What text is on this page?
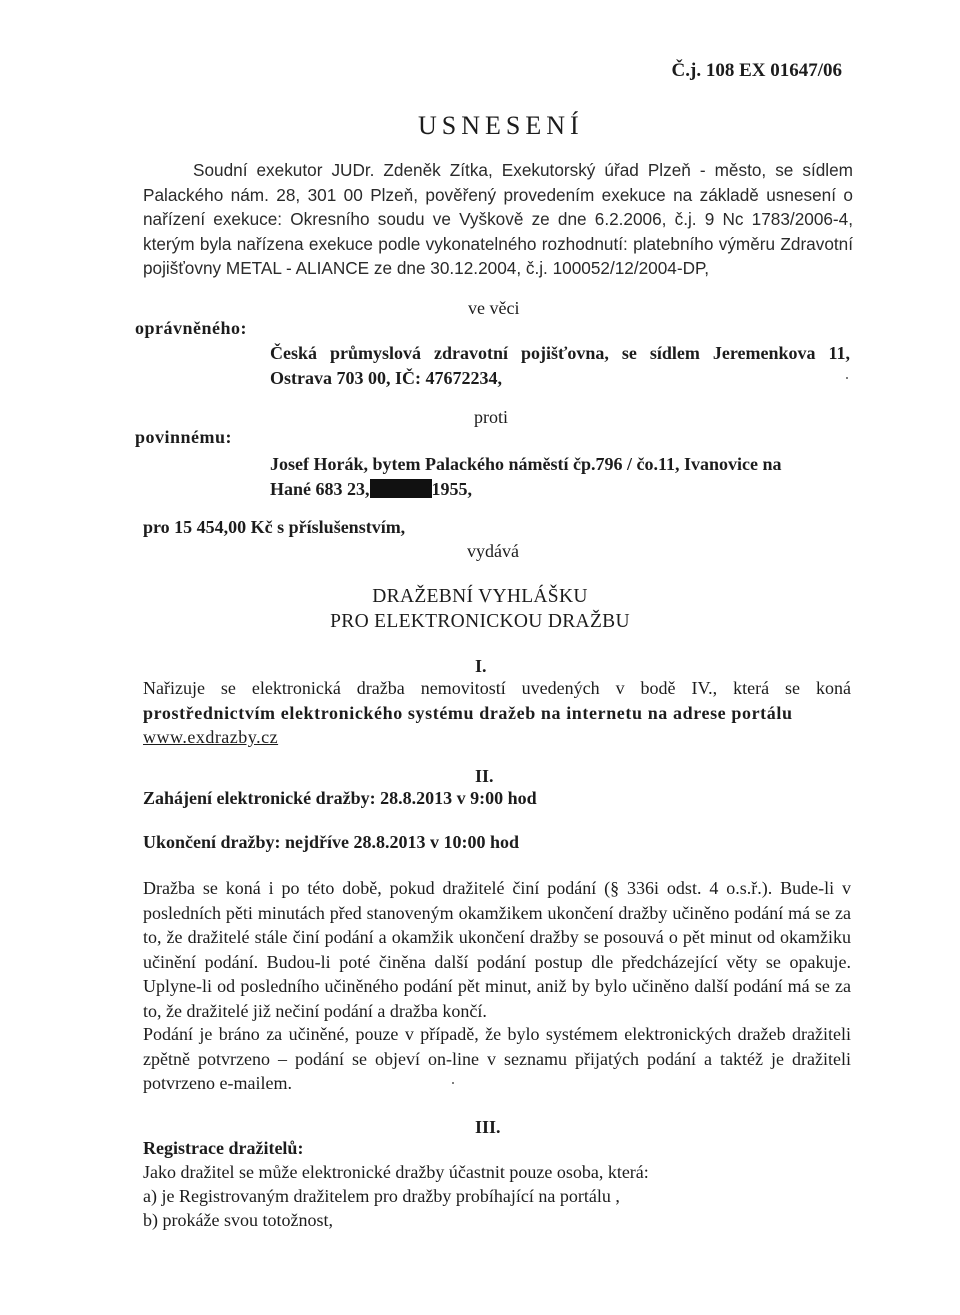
Č.j. 108 EX 01647/06

USNESENÍ

Soudní exekutor JUDr. Zdeněk Zítka, Exekutorský úřad Plzeň - město, se sídlem Palackého nám. 28, 301 00 Plzeň, pověřený provedením exekuce na základě usnesení o nařízení exekuce: Okresního soudu ve Vyškově ze dne 6.2.2006, č.j. 9 Nc 1783/2006-4, kterým byla nařízena exekuce podle vykonatelného rozhodnutí: platebního výměru Zdravotní pojišťovny METAL - ALIANCE ze dne 30.12.2004, č.j. 100052/12/2004-DP,

ve věci

oprávněného:

Česká průmyslová zdravotní pojišťovna, se sídlem Jeremenkova 11, Ostrava 703 00, IČ: 47672234,

proti

povinnému:

Josef Horák, bytem Palackého náměstí čp.796 / čo.11, Ivanovice na
Hané 683 23,	1955,

pro 15 454,00 Kč s příslušenstvím,

vydává

DRAŽEBNÍ VYHLÁŠKU

PRO ELEKTRONICKOU DRAŽBU

I.

Nařizuje se elektronická dražba nemovitostí uvedených v bodě IV., která se koná prostřednictvím elektronického systému dražeb na internetu na adrese portálu
www.exdrazby.cz

II.

Zahájení elektronické dražby: 28.8.2013 v 9:00 hod

Ukončení dražby: nejdříve 28.8.2013 v 10:00 hod

Dražba se koná i po této době, pokud dražitelé činí podání (§ 336i odst. 4 o.s.ř.). Bude-li v posledních pěti minutách před stanoveným okamžikem ukončení dražby učiněno podání má se za to, že dražitelé stále činí podání a okamžik ukončení dražby se posouvá o pět minut od okamžiku učinění podání. Budou-li poté činěna další podání postup dle předcházející věty se opakuje. Uplyne-li od posledního učiněného podání pět minut, aniž by bylo učiněno další podání má se za to, že dražitelé již nečiní podání a dražba končí.

Podání je bráno za učiněné, pouze v případě, že bylo systémem elektronických dražeb dražiteli zpětně potvrzeno – podání se objeví on-line v seznamu přijatých podání a taktéž je dražiteli potvrzeno e-mailem.

III.

Registrace dražitelů:

Jako dražitel se může elektronické dražby účastnit pouze osoba, která:

a) je Registrovaným dražitelem pro dražby probíhající na portálu ,

b) prokáže svou totožnost,
